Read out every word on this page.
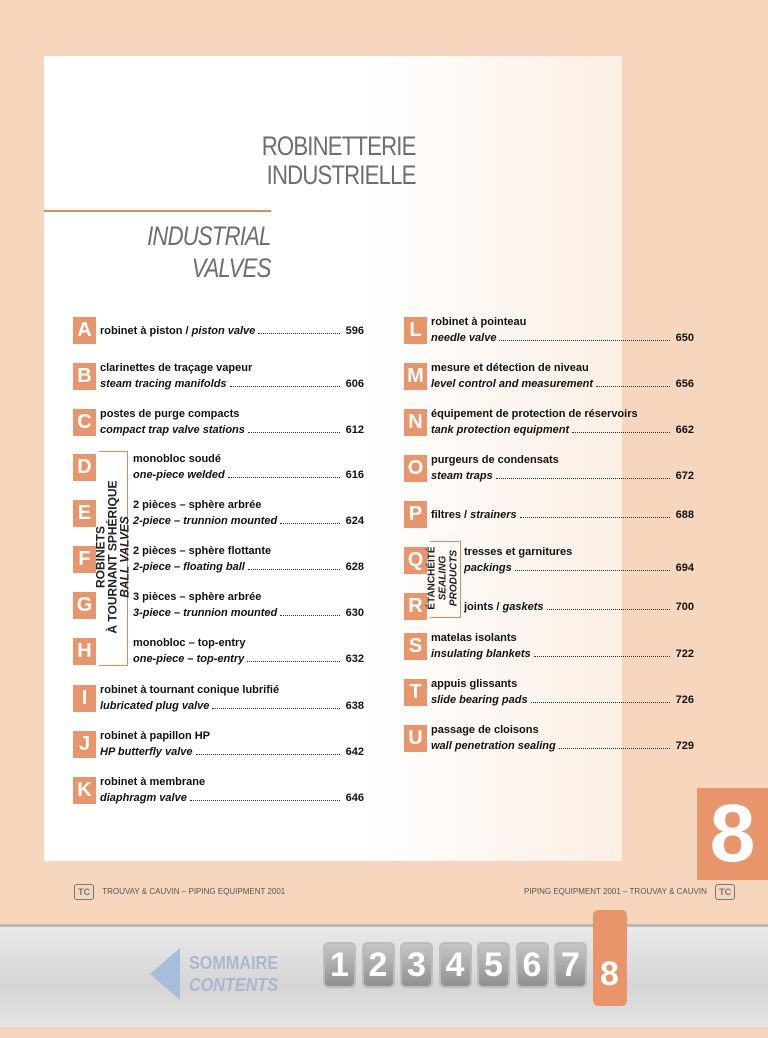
ROBINETTERIE
INDUSTRIELLE
INDUSTRIAL
VALVES
A robinet à piston / piston valve	596
B clarinettes de traçage vapeur
steam tracing manifolds	606
C postes de purge compacts
compact trap valve stations	612
D	monobloc soudé
one-piece welded	616
E	2 pièces – sphère arbrée
2-piece – trunnion mounted	624
F	2 pièces – sphère flottante
2-piece – floating ball	628
G	3 pièces – sphère arbrée
3-piece – trunnion mounted	630
H	monobloc – top-entry
one-piece – top-entry	632
I	robinet à tournant conique lubrifié
lubricated plug valve	638
J robinet à papillon HP
HP butterfly valve	642
K robinet à membrane
diaphragm valve	646
L robinet à pointeau
needle valve	650
M mesure et détection de niveau
level control and measurement	656
N équipement de protection de réservoirs
tank protection equipment	662
O purgeurs de condensats
steam traps	672
P filtres / strainers	688
Q	tresses et garnitures
packings	694
R	joints / gaskets	700
S matelas isolants
insulating blankets	722
T appuis glissants
slide bearing pads	726
U passage de cloisons
wall penetration sealing	729
ROBINETS
À TOURNANT SPHÉRIQUE
BALL VALVES	ÉTANCHÉITÉ SEALING PRODUCTS
8
TC TROUVAY & CAUVIN – PIPING EQUIPMENT 2001	PIPING EQUIPMENT 2001 – TROUVAY & CAUVIN TC
SOMMAIRE
CONTENTS
1 2 3 4 5 6 7 8
